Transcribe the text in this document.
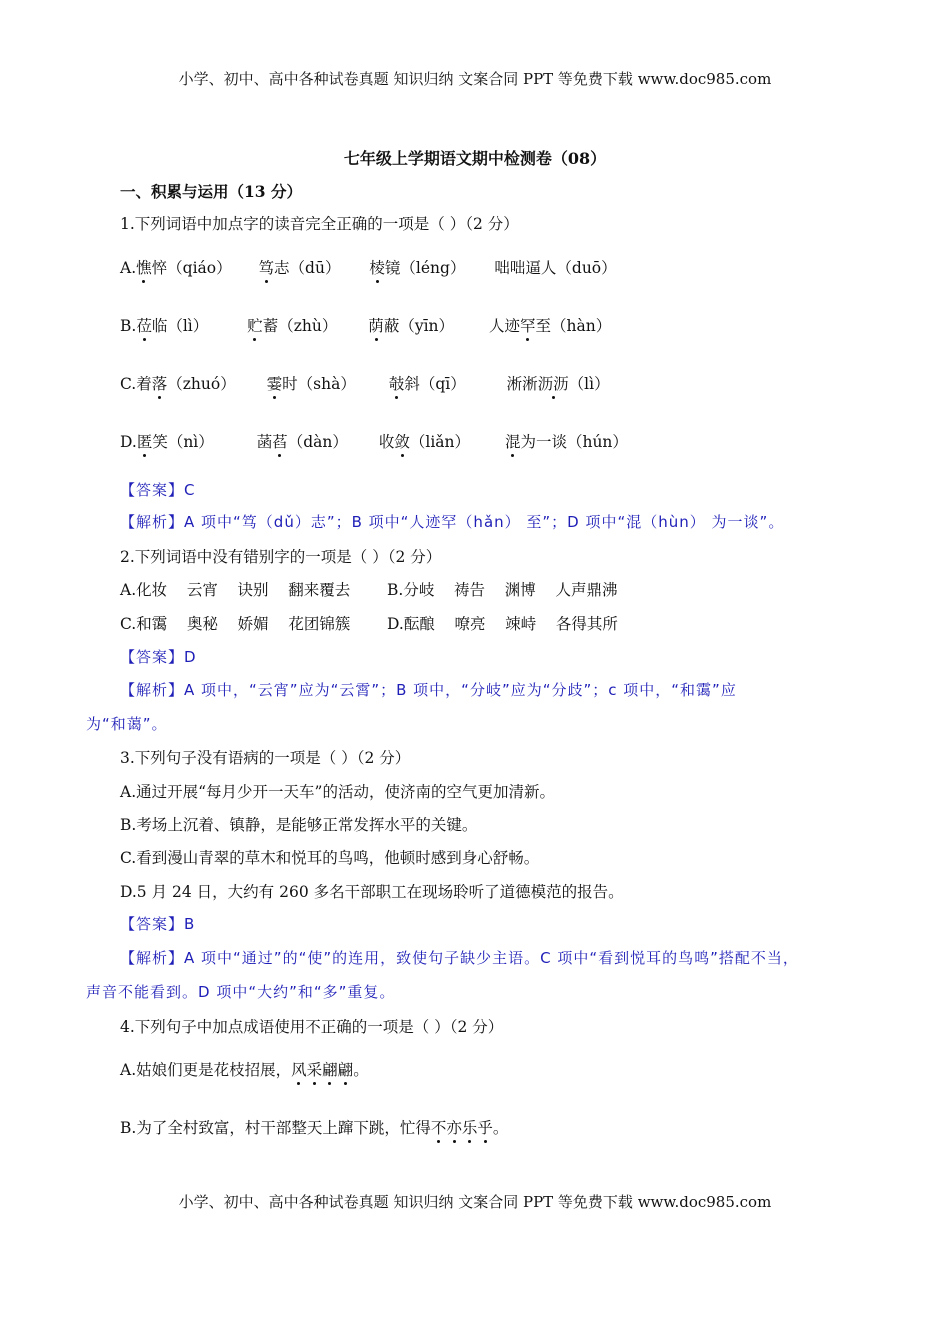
小学、初中、高中各种试卷真题 知识归纳 文案合同 PPT 等免费下载 www.doc985.com
七年级上学期语文期中检测卷（08）
一、积累与运用（13 分）
1.下列词语中加点字的读音完全正确的一项是（ ）（2 分）
A.憔悴（qiáo） 笃志（dū） 棱镜（léng） 咄咄逼人（duō）
B.莅临（lì）	贮蓄（zhù） 荫蔽（yīn） 人迹罕至（hàn）
C.着落（zhuó） 霎时（shà） 攲斜（qī）	淅淅沥沥（lì）
D.匿笑（nì）	菡萏（dàn） 收敛（liǎn） 混为一谈（hún）
【答案】C
【解析】A 项中“笃（dǔ）志”；B 项中“人迹罕（hǎn） 至”；D 项中“混（hùn） 为一谈”。
2.下列词语中没有错别字的一项是（ ）（2 分）
A.化妆    云宵    诀别    翻来覆去 B.分岐    祷告    渊博    人声鼎沸
C.和霭    奥秘    娇媚    花团锦簇 D.酝酿    嘹亮    竦峙    各得其所
【答案】D
【解析】A 项中，“云宵”应为“云霄”；B 项中，“分岐”应为“分歧”；c 项中，“和霭”应
为“和蔼”。
3.下列句子没有语病的一项是（ ）（2 分）
A.通过开展“每月少开一天车”的活动，使济南的空气更加清新。
B.考场上沉着、镇静，是能够正常发挥水平的关键。
C.看到漫山青翠的草木和悦耳的鸟鸣，他顿时感到身心舒畅。
D.5 月 24 日，大约有 260 多名干部职工在现场聆听了道德模范的报告。
【答案】B
【解析】A 项中“通过”的“使”的连用，致使句子缺少主语。C 项中“看到悦耳的鸟鸣”搭配不当，
声音不能看到。D 项中“大约”和“多”重复。
4.下列句子中加点成语使用不正确的一项是（ ）（2 分）
A.姑娘们更是花枝招展，风采翩翩。
B.为了全村致富，村干部整天上蹿下跳，忙得不亦乐乎。
小学、初中、高中各种试卷真题 知识归纳 文案合同 PPT 等免费下载 www.doc985.com
